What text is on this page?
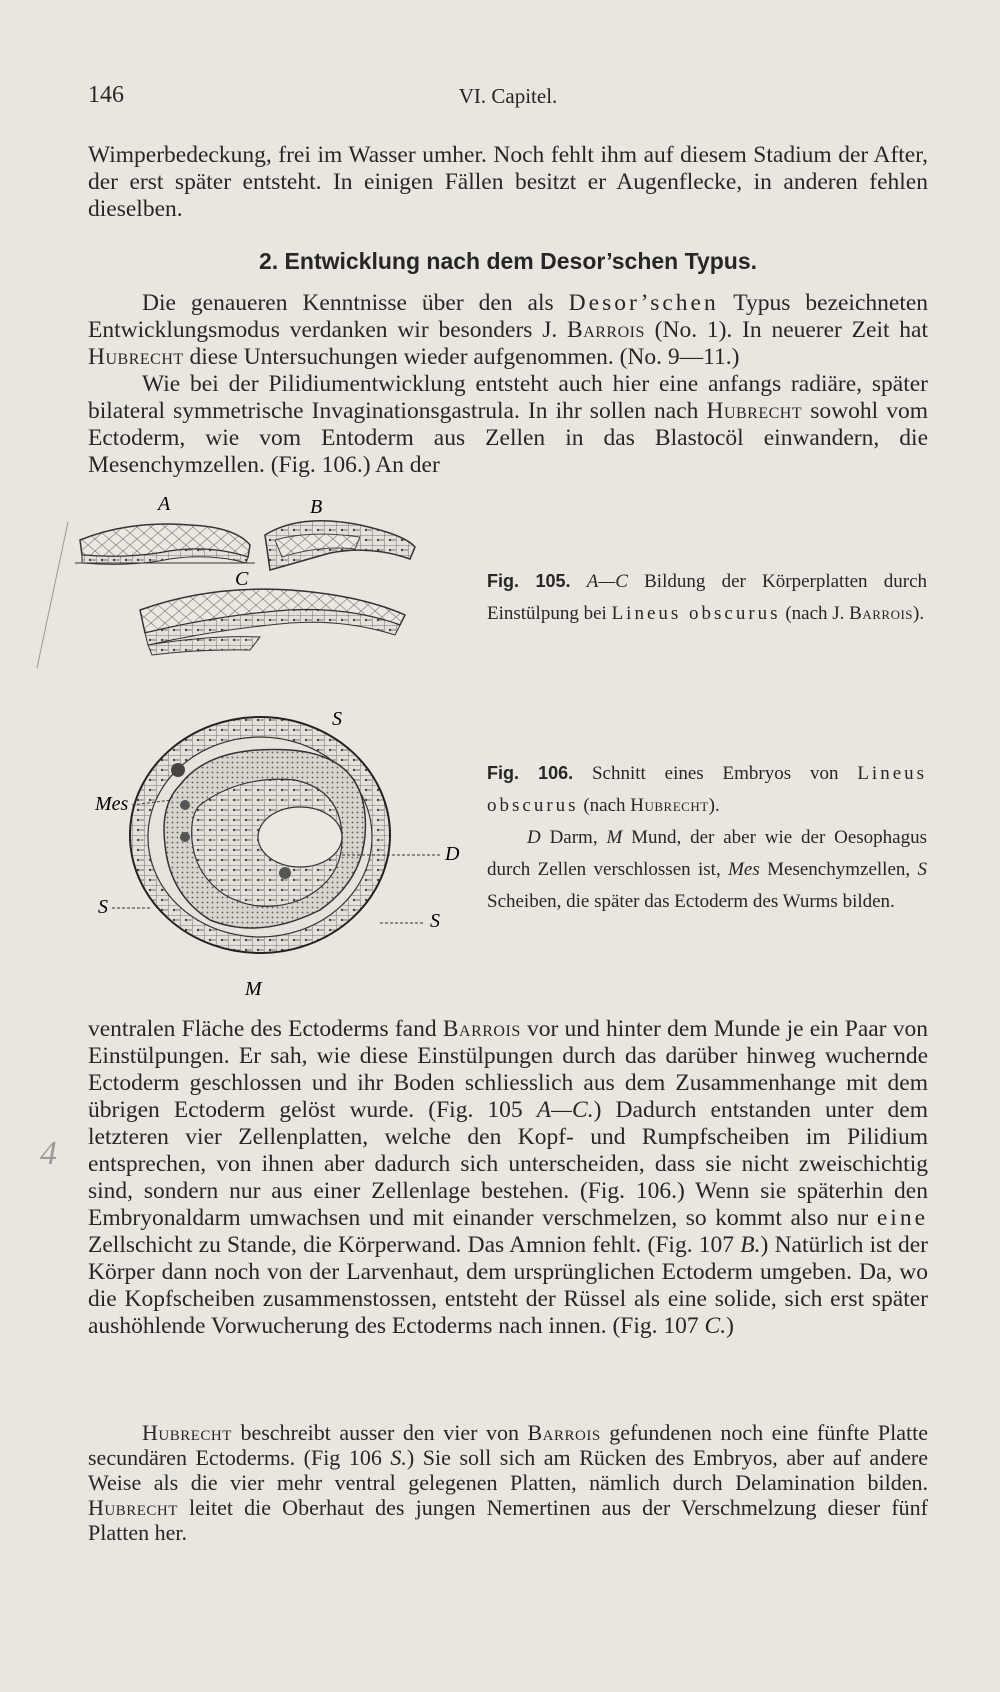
146	VI. Capitel.

Wimperbedeckung, frei im Wasser umher. Noch fehlt ihm auf diesem Stadium der After, der erst später entsteht. In einigen Fällen besitzt er Augenflecke, in anderen fehlen dieselben.

2. Entwicklung nach dem Desor’schen Typus.

Die genaueren Kenntnisse über den als Desor’schen Typus bezeichneten Entwicklungsmodus verdanken wir besonders J. Barrois (No. 1). In neuerer Zeit hat Hubrecht diese Untersuchungen wieder aufgenommen. (No. 9—11.)

Wie bei der Pilidiumentwicklung entsteht auch hier eine anfangs radiäre, später bilateral symmetrische Invaginationsgastrula. In ihr sollen nach Hubrecht sowohl vom Ectoderm, wie vom Entoderm aus Zellen in das Blastocöl einwandern, die Mesenchymzellen. (Fig. 106.) An der

A	B
C
S
Mes
S
D
S
M

Fig. 105. A—C Bildung der Körperplatten durch Einstülpung bei Lineus obscurus (nach J. Barrois).

Fig. 106. Schnitt eines Embryos von Lineus obscurus (nach Hubrecht).

D Darm, M Mund, der aber wie der Oesophagus durch Zellen verschlossen ist, Mes Mesenchymzellen, S Scheiben, die später das Ectoderm des Wurms bilden.

ventralen Fläche des Ectoderms fand Barrois vor und hinter dem Munde je ein Paar von Einstülpungen. Er sah, wie diese Einstülpungen durch das darüber hinweg wuchernde Ectoderm geschlossen und ihr Boden schliesslich aus dem Zusammenhange mit dem übrigen Ectoderm gelöst wurde. (Fig. 105 A—C.) Dadurch entstanden unter dem letzteren vier Zellenplatten, welche den Kopf- und Rumpfscheiben im Pilidium entsprechen, von ihnen aber dadurch sich unterscheiden, dass sie nicht zweischichtig sind, sondern nur aus einer Zellenlage bestehen. (Fig. 106.) Wenn sie späterhin den Embryonaldarm umwachsen und mit einander verschmelzen, so kommt also nur eine Zellschicht zu Stande, die Körperwand. Das Amnion fehlt. (Fig. 107 B.) Natürlich ist der Körper dann noch von der Larvenhaut, dem ursprünglichen Ectoderm umgeben. Da, wo die Kopfscheiben zusammenstossen, entsteht der Rüssel als eine solide, sich erst später aushöhlende Vorwucherung des Ectoderms nach innen. (Fig. 107 C.)

Hubrecht beschreibt ausser den vier von Barrois gefundenen noch eine fünfte Platte secundären Ectoderms. (Fig 106 S.) Sie soll sich am Rücken des Embryos, aber auf andere Weise als die vier mehr ventral gelegenen Platten, nämlich durch Delamination bilden. Hubrecht leitet die Oberhaut des jungen Nemertinen aus der Verschmelzung dieser fünf Platten her.

4
